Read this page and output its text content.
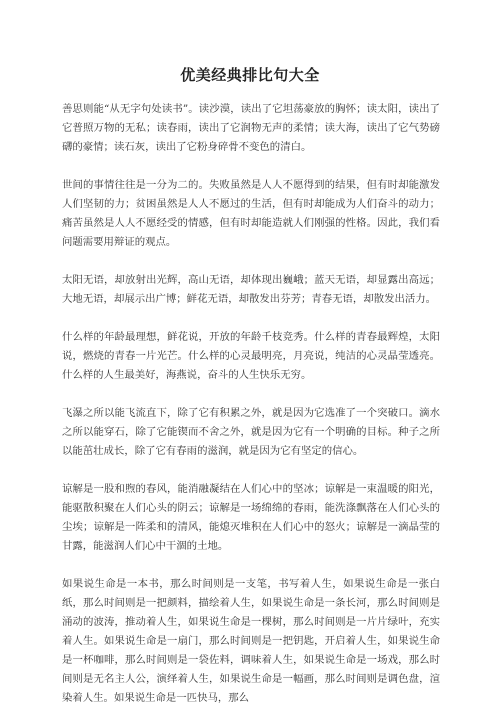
优美经典排比句大全

善思则能“从无字句处读书”。读沙漠，读出了它坦荡豪放的胸怀；读太阳，读出了它普照万物的无私；读春雨，读出了它润物无声的柔情；读大海，读出了它气势磅礴的豪情；读石灰，读出了它粉身碎骨不变色的清白。

世间的事情往往是一分为二的。失败虽然是人人不愿得到的结果，但有时却能激发人们坚韧的力；贫困虽然是人人不愿过的生活，但有时却能成为人们奋斗的动力；痛苦虽然是人人不愿经受的情感，但有时却能造就人们刚强的性格。因此，我们看问题需要用辩证的观点。

太阳无语，却放射出光辉，高山无语，却体现出巍峨；蓝天无语，却显露出高远；大地无语，却展示出广博；鲜花无语，却散发出芬芳；青春无语，却散发出活力。

什么样的年龄最理想，鲜花说，开放的年龄千枝竞秀。什么样的青春最辉煌，太阳说，燃烧的青春一片光芒。什么样的心灵最明亮，月亮说，纯洁的心灵晶莹透亮。什么样的人生最美好，海燕说，奋斗的人生快乐无穷。

飞瀑之所以能飞流直下，除了它有积累之外，就是因为它选准了一个突破口。滴水之所以能穿石，除了它能锲而不舍之外，就是因为它有一个明确的目标。种子之所以能茁壮成长，除了它有春雨的滋润，就是因为它有坚定的信心。

谅解是一股和煦的春风，能消融凝结在人们心中的坚冰；谅解是一束温暖的阳光，能驱散积聚在人们心头的阴云；谅解是一场绵绵的春雨，能洗涤飘落在人们心头的尘埃；谅解是一阵柔和的清风，能熄灭堆积在人们心中的怒火；谅解是一滴晶莹的甘露，能滋润人们心中干涸的土地。

如果说生命是一本书，那么时间则是一支笔，书写着人生，如果说生命是一张白纸，那么时间则是一把颜料，描绘着人生，如果说生命是一条长河，那么时间则是涌动的波涛，推动着人生，如果说生命是一棵树，那么时间则是一片片绿叶，充实着人生。如果说生命是一扇门，那么时间则是一把钥匙，开启着人生，如果说生命是一杯咖啡，那么时间则是一袋佐料，调味着人生，如果说生命是一场戏，那么时间则是无名主人公，演绎着人生，如果说生命是一幅画，那么时间则是调色盘，渲染着人生。如果说生命是一匹快马，那么
